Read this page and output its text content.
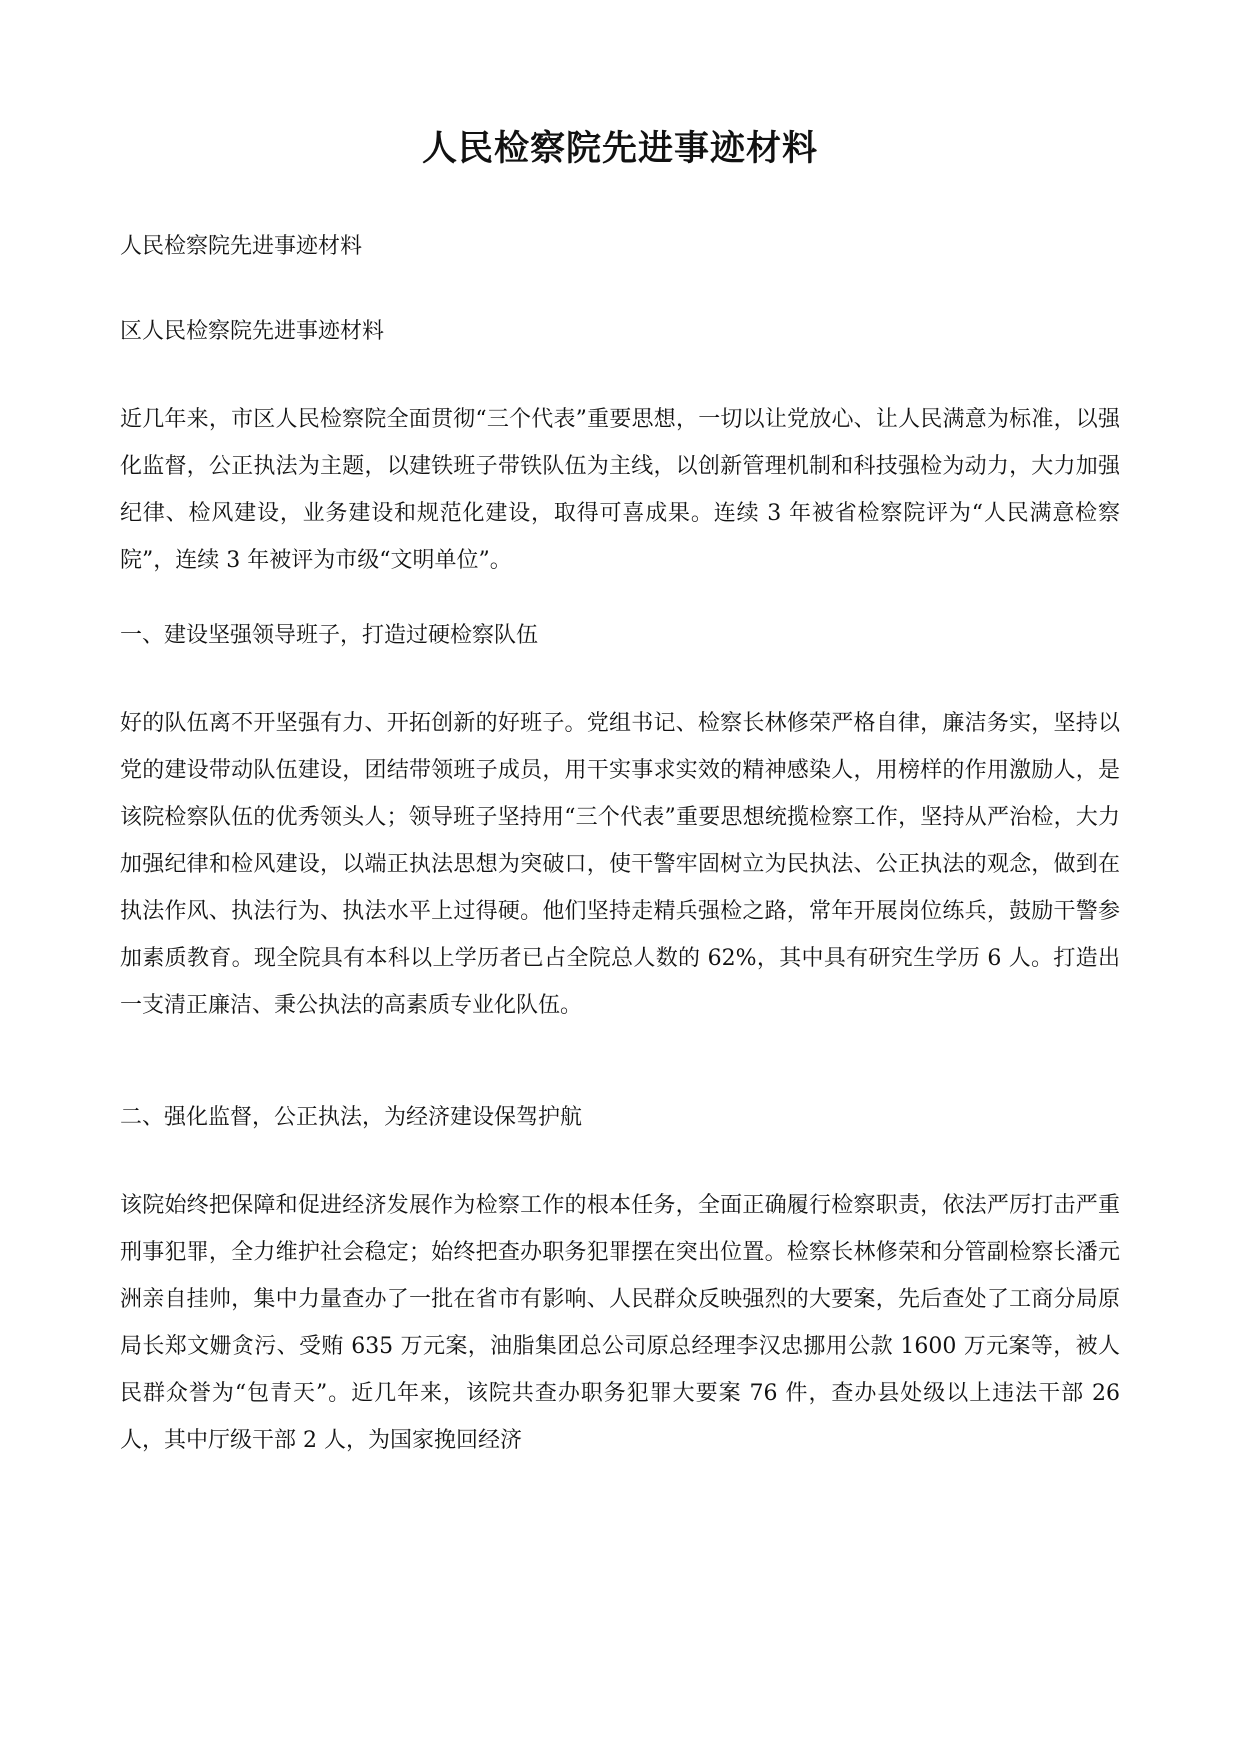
人民检察院先进事迹材料
人民检察院先进事迹材料
区人民检察院先进事迹材料
近几年来，市区人民检察院全面贯彻“三个代表”重要思想，一切以让党放心、让人民满意为标准，以强化监督，公正执法为主题，以建铁班子带铁队伍为主线，以创新管理机制和科技强检为动力，大力加强纪律、检风建设，业务建设和规范化建设，取得可喜成果。连续 3 年被省检察院评为“人民满意检察院”，连续 3 年被评为市级“文明单位”。
一、建设坚强领导班子，打造过硬检察队伍
好的队伍离不开坚强有力、开拓创新的好班子。党组书记、检察长林修荣严格自律，廉洁务实，坚持以党的建设带动队伍建设，团结带领班子成员，用干实事求实效的精神感染人，用榜样的作用激励人，是该院检察队伍的优秀领头人；领导班子坚持用“三个代表”重要思想统揽检察工作，坚持从严治检，大力加强纪律和检风建设，以端正执法思想为突破口，使干警牢固树立为民执法、公正执法的观念，做到在执法作风、执法行为、执法水平上过得硬。他们坚持走精兵强检之路，常年开展岗位练兵，鼓励干警参加素质教育。现全院具有本科以上学历者已占全院总人数的 62%，其中具有研究生学历 6 人。打造出一支清正廉洁、秉公执法的高素质专业化队伍。
二、强化监督，公正执法，为经济建设保驾护航
该院始终把保障和促进经济发展作为检察工作的根本任务，全面正确履行检察职责，依法严厉打击严重刑事犯罪，全力维护社会稳定；始终把查办职务犯罪摆在突出位置。检察长林修荣和分管副检察长潘元洲亲自挂帅，集中力量查办了一批在省市有影响、人民群众反映强烈的大要案，先后查处了工商分局原局长郑文姗贪污、受贿 635 万元案，油脂集团总公司原总经理李汉忠挪用公款 1600 万元案等，被人民群众誉为“包青天”。近几年来，该院共查办职务犯罪大要案 76 件，查办县处级以上违法干部 26 人，其中厅级干部 2 人，为国家挽回经济
